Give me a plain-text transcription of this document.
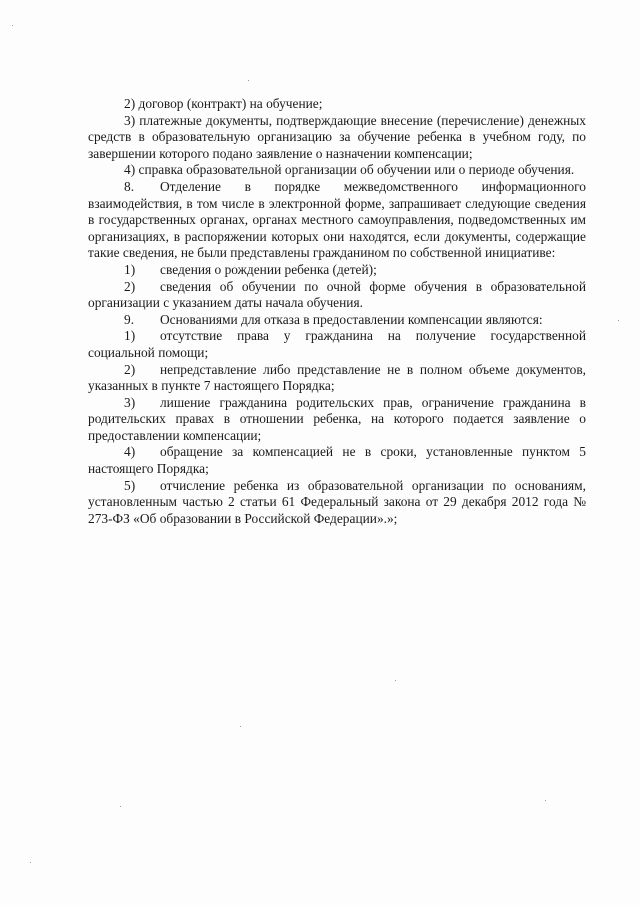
2) договор (контракт) на обучение;

3) платежные документы, подтверждающие внесение (перечисление) денежных средств в образовательную организацию за обучение ребенка в учебном году, по завершении которого подано заявление о назначении компенсации;

4) справка образовательной организации об обучении или о периоде обучения.

8. Отделение в порядке межведомственного информационного взаимодействия, в том числе в электронной форме, запрашивает следующие сведения в государственных органах, органах местного самоуправления, подведомственных им организациях, в распоряжении которых они находятся, если документы, содержащие такие сведения, не были представлены гражданином по собственной инициативе:

1) сведения о рождении ребенка (детей);

2) сведения об обучении по очной форме обучения в образовательной организации с указанием даты начала обучения.

9. Основаниями для отказа в предоставлении компенсации являются:

1) отсутствие права у гражданина на получение государственной социальной помощи;

2) непредставление либо представление не в полном объеме документов, указанных в пункте 7 настоящего Порядка;

3) лишение гражданина родительских прав, ограничение гражданина в родительских правах в отношении ребенка, на которого подается заявление о предоставлении компенсации;

4) обращение за компенсацией не в сроки, установленные пунктом 5 настоящего Порядка;

5) отчисление ребенка из образовательной организации по основаниям, установленным частью 2 статьи 61 Федеральный закона от 29 декабря 2012 года № 273-ФЗ «Об образовании в Российской Федерации».»;
